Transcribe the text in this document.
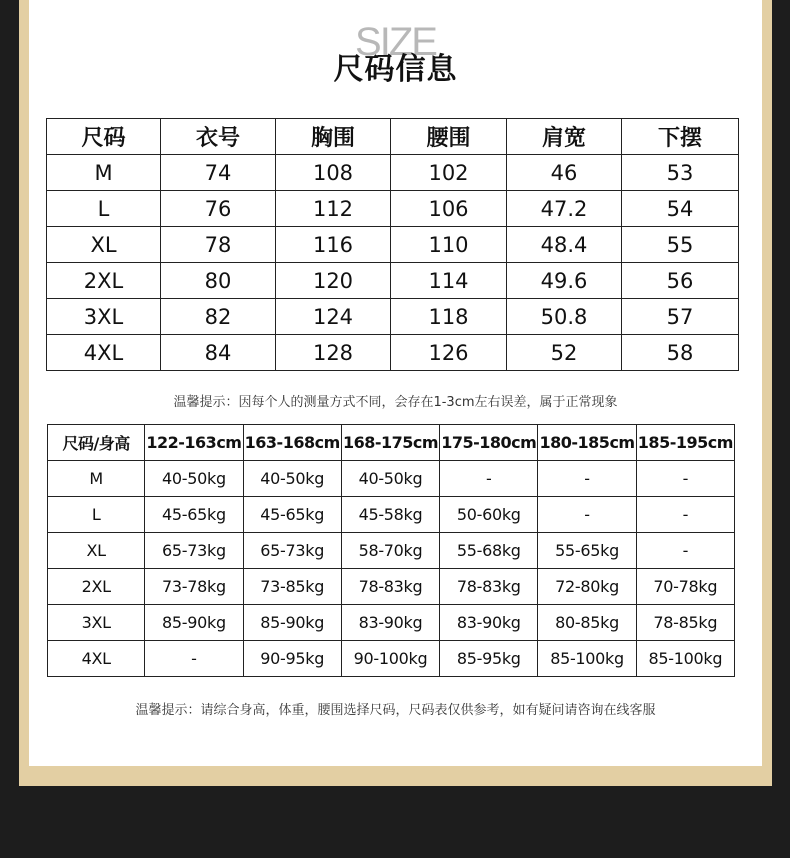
SIZE
尺码信息
尺码	衣号	胸围	腰围	肩宽	下摆
M	74	108	102	46	53
L	76	112	106	47.2	54
XL	78	116	110	48.4	55
2XL	80	120	114	49.6	56
3XL	82	124	118	50.8	57
4XL	84	128	126	52	58
温馨提示：因每个人的测量方式不同，会存在1-3cm左右误差，属于正常现象
尺码/身高	122-163cm	163-168cm	168-175cm	175-180cm	180-185cm	185-195cm
M	40-50kg	40-50kg	40-50kg	-	-	-
L	45-65kg	45-65kg	45-58kg	50-60kg	-	-
XL	65-73kg	65-73kg	58-70kg	55-68kg	55-65kg	-
2XL	73-78kg	73-85kg	78-83kg	78-83kg	72-80kg	70-78kg
3XL	85-90kg	85-90kg	83-90kg	83-90kg	80-85kg	78-85kg
4XL	-	90-95kg	90-100kg	85-95kg	85-100kg	85-100kg
温馨提示：请综合身高，体重，腰围选择尺码，尺码表仅供参考，如有疑问请咨询在线客服
